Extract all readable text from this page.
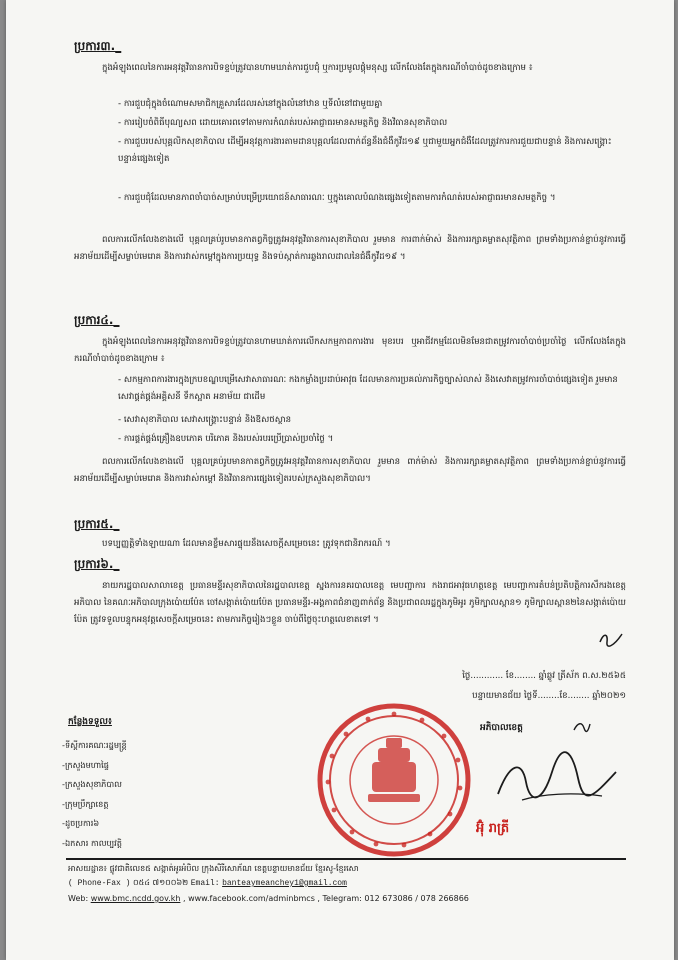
ប្រការ៣._

ក្នុងអំឡុងពេលនៃការអនុវត្តវិធានការបិទខ្ទប់ត្រូវបានហាមឃាត់ការជួបជុំ ឬការប្រមូលផ្តុំមនុស្ស លើកលែងតែក្នុងករណីចាំបាច់ដូចខាងក្រោម ៖

- ការជួបជុំក្នុងចំណោមសមាជិកគ្រួសារដែលរស់នៅក្នុងលំនៅឋាន ឬទីលំនៅជាមួយគ្នា

- ការរៀបចំពិធីបុណ្យសព ដោយគោរពទៅតាមការកំណត់របស់អាជ្ញាធរមានសមត្ថកិច្ច និងវិធានសុខាភិបាល

- ការជួបរបស់បុគ្គលិកសុខាភិបាល ដើម្បីអនុវត្តការងារតាមដានបុគ្គលដែលពាក់ព័ន្ធនឹងជំងឺកូវីដ១៩ ឬជាមួយអ្នកជំងឺដែលត្រូវការការជួយជាបន្ទាន់ និងការសង្គ្រោះបន្ទាន់ផ្សេងទៀត

- ការជួបជុំដែលមានភាពចាំបាច់សម្រាប់បម្រើប្រយោជន៍សាធារណៈ ឬក្នុងគោលបំណងផ្សេងទៀតតាមការកំណត់របស់អាជ្ញាធរមានសមត្ថកិច្ច ។

ពលការលើកលែងខាងលើ បុគ្គលគ្រប់រូបមានកាតព្វកិច្ចត្រូវអនុវត្តវិធានការសុខាភិបាល រួមមាន ការពាក់ម៉ាស់ និងការរក្សាគម្លាតសុវត្ថិភាព ព្រមទាំងប្រកាន់ខ្ជាប់នូវការធ្វើអនាម័យដើម្បីសម្លាប់មេរោគ និងការវាស់កម្តៅក្នុងការប្រយុទ្ធ និងទប់ស្កាត់ការឆ្លងរាលដាលនៃជំងឺកូវីដ១៩ ។

ប្រការ៤._

ក្នុងអំឡុងពេលនៃការអនុវត្តវិធានការបិទខ្ទប់ត្រូវបានហាមឃាត់ការលើកសកម្មភាពការងារ មុខរបរ ឬអាជីវកម្មដែលមិនមែនជាតម្រូវការចាំបាច់ប្រចាំថ្ងៃ លើកលែងតែក្នុងករណីចាំបាច់ដូចខាងក្រោម ៖

- សកម្មភាពការងារក្នុងក្របខណ្ឌបម្រើសេវាសាធារណៈ កងកម្លាំងប្រដាប់អាវុធ ដែលមានការប្រគល់ភារកិច្ចច្បាស់លាស់ និងសេវាតម្រូវការចាំបាច់ផ្សេងទៀត រួមមានសេវាផ្គត់ផ្គង់អគ្គិសនី ទឹកស្អាត អនាម័យ ជាដើម

- សេវាសុខាភិបាល សេវាសង្គ្រោះបន្ទាន់ និងឱសថស្ថាន

- ការផ្គត់ផ្គង់គ្រឿងឧបភោគ បរិភោគ និងរបស់របរប្រើប្រាស់ប្រចាំថ្ងៃ ។

ពលការលើកលែងខាងលើ បុគ្គលគ្រប់រូបមានកាតព្វកិច្ចត្រូវអនុវត្តវិធានការសុខាភិបាល រួមមាន ពាក់ម៉ាស់ និងការរក្សាគម្លាតសុវត្ថិភាព ព្រមទាំងប្រកាន់ខ្ជាប់នូវការធ្វើអនាម័យដើម្បីសម្លាប់មេរោគ និងការវាស់កម្តៅ និងវិធានការផ្សេងទៀតរបស់ក្រសួងសុខាភិបាល។

ប្រការ៥._

បទប្បញ្ញត្តិទាំងឡាយណា ដែលមានខ្លឹមសារផ្ទុយនឹងសេចក្តីសម្រេចនេះ ត្រូវទុកជានិរាករណ៍ ។

ប្រការ៦._

នាយករដ្ឋបាលសាលាខេត្ត ប្រធានមន្ទីរសុខាភិបាលនៃរដ្ឋបាលខេត្ត ស្នងការនគរបាលខេត្ត មេបញ្ជាការ កងរាជអាវុធហត្ថខេត្ត មេបញ្ជាការតំបន់ប្រតិបត្តិការសឹករងខេត្ត អភិបាល នៃគណៈអភិបាលក្រុងប៉ោយប៉ែត ចៅសង្កាត់ប៉ោយប៉ែត ប្រធានមន្ទីរ-អង្គភាពជំនាញពាក់ព័ន្ធ និងប្រជាពលរដ្ឋក្នុងភូមិអូរ ភូមិក្បាលស្ពាន១ ភូមិក្បាលស្ពាន២នៃសង្កាត់ប៉ោយប៉ែត ត្រូវទទួលបន្ទុកអនុវត្តសេចក្តីសម្រេចនេះ តាមភារកិច្ចរៀងៗខ្លួន ចាប់ពីថ្ងៃចុះហត្ថលេខាតទៅ ។

ថ្ងៃ............ ខែ........ ឆ្នាំឆ្លូវ ត្រីស័ក ព.ស.២៥៦៥
បន្ទាយមានជ័យ ថ្ងៃទី........ខែ........ ឆ្នាំ២០២១
អភិបាលខេត្ត
អ៊ុំ រាត្រី
កន្លែងទទួល៖
-ទីស្ដីការគណៈរដ្ឋមន្ត្រី
-ក្រសួងមហាផ្ទៃ
-ក្រសួងសុខាភិបាល
-ក្រុមប្រឹក្សាខេត្ត
-ដូចប្រការ៦
-ឯកសារ កាលប្បវត្តិ
អាសយដ្ឋាន៖ ផ្លូវជាតិលេខ៥ សង្កាត់អូរអំបិល ក្រុងសិរីសោភ័ណ ខេត្តបន្ទាយមានជ័យ ខ្មែរសូ-ខ្មែរសោ
( Phone-Fax ) ០៥៤ ៧១០០៦២ Email: banteaymeanchey1@gmail.com
Web: www.bmc.ncdd.gov.kh , www.facebook.com/adminbmcs , Telegram: 012 673086 / 078 266866
